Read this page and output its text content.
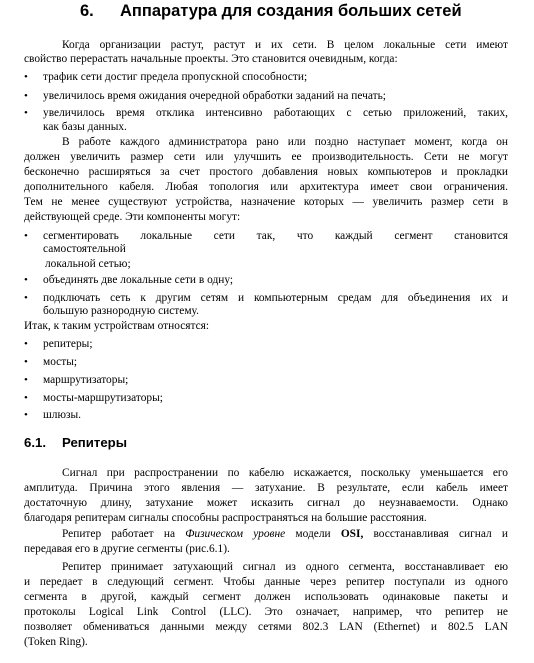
6. Аппаратура для создания больших сетей
Когда организации растут, растут и их сети. В целом локальные сети имеют
свойство перерастать начальные проекты. Это становится очевидным, когда:
• трафик сети достиг предела пропускной способности;
• увеличилось время ожидания очередной обработки заданий на печать;
• увеличилось время отклика интенсивно работающих с сетью приложений, таких,
как базы данных.
В работе каждого администратора рано или поздно наступает момент, когда он
должен увеличить размер сети или улучшить ее производительность. Сети не могут
бесконечно расширяться за счет простого добавления новых компьютеров и прокладки
дополнительного кабеля. Любая топология или архитектура имеет свои ограничения.
Тем не менее существуют устройства, назначение которых — увеличить размер сети в
действующей среде. Эти компоненты могут:
• сегментировать локальные сети так, что каждый сегмент становится
самостоятельной
локальной сетью;
• объединять две локальные сети в одну;
• подключать сеть к другим сетям и компьютерным средам для объединения их и
большую разнородную систему.
Итак, к таким устройствам относятся:
• репитеры;
• мосты;
• маршрутизаторы;
• мосты-маршрутизаторы;
• шлюзы.
6.1. Репитеры
Сигнал при распространении по кабелю искажается, поскольку уменьшается его
амплитуда. Причина этого явления — затухание. В результате, если кабель имеет
достаточную длину, затухание может исказить сигнал до неузнаваемости. Однако
благодаря репитерам сигналы способны распространяться на большие расстояния.
Репитер работает на Физическом уровне модели OSI, восстанавливая сигнал и
передавая его в другие сегменты (рис.6.1).
Репитер принимает затухающий сигнал из одного сегмента, восстанавливает ею
и передает в следующий сегмент. Чтобы данные через репитер поступали из одного
сегмента в другой, каждый сегмент должен использовать одинаковые пакеты и
протоколы Logical Link Control (LLC). Это означает, например, что репитер не
позволяет обмениваться данными между сетями 802.3 LAN (Ethernet) и 802.5 LAN
(Token Ring).
